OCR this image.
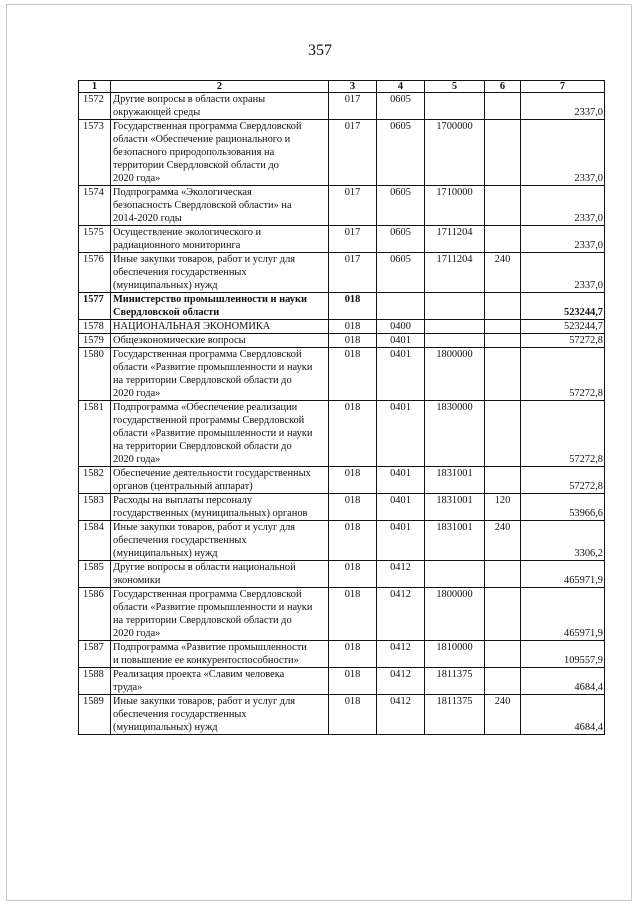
357
1	2	3	4	5	6	7
1572	Другие вопросы в области охраны
окружающей среды	017	0605			2337,0
1573	Государственная программа Свердловской
области «Обеспечение рационального и
безопасного природопользования на
территории Свердловской области до
2020 года»	017	0605	1700000		2337,0
1574	Подпрограмма «Экологическая
безопасность Свердловской области» на
2014-2020 годы	017	0605	1710000		2337,0
1575	Осуществление экологического и
радиационного мониторинга	017	0605	1711204		2337,0
1576	Иные закупки товаров, работ и услуг для
обеспечения государственных
(муниципальных) нужд	017	0605	1711204	240	2337,0
1577	Министерство промышленности и науки
Свердловской области	018				523244,7
1578	НАЦИОНАЛЬНАЯ ЭКОНОМИКА	018	0400			523244,7
1579	Общеэкономические вопросы	018	0401			57272,8
1580	Государственная программа Свердловской
области «Развитие промышленности и науки
на территории Свердловской области до
2020 года»	018	0401	1800000		57272,8
1581	Подпрограмма «Обеспечение реализации
государственной программы Свердловской
области «Развитие промышленности и науки
на территории Свердловской области до
2020 года»	018	0401	1830000		57272,8
1582	Обеспечение деятельности государственных
органов (центральный аппарат)	018	0401	1831001		57272,8
1583	Расходы на выплаты персоналу
государственных (муниципальных) органов	018	0401	1831001	120	53966,6
1584	Иные закупки товаров, работ и услуг для
обеспечения государственных
(муниципальных) нужд	018	0401	1831001	240	3306,2
1585	Другие вопросы в области национальной
экономики	018	0412			465971,9
1586	Государственная программа Свердловской
области «Развитие промышленности и науки
на территории Свердловской области до
2020 года»	018	0412	1800000		465971,9
1587	Подпрограмма «Развитие промышленности
и повышение ее конкурентоспособности»	018	0412	1810000		109557,9
1588	Реализация проекта «Славим человека
труда»	018	0412	1811375		4684,4
1589	Иные закупки товаров, работ и услуг для
обеспечения государственных
(муниципальных) нужд	018	0412	1811375	240	4684,4
